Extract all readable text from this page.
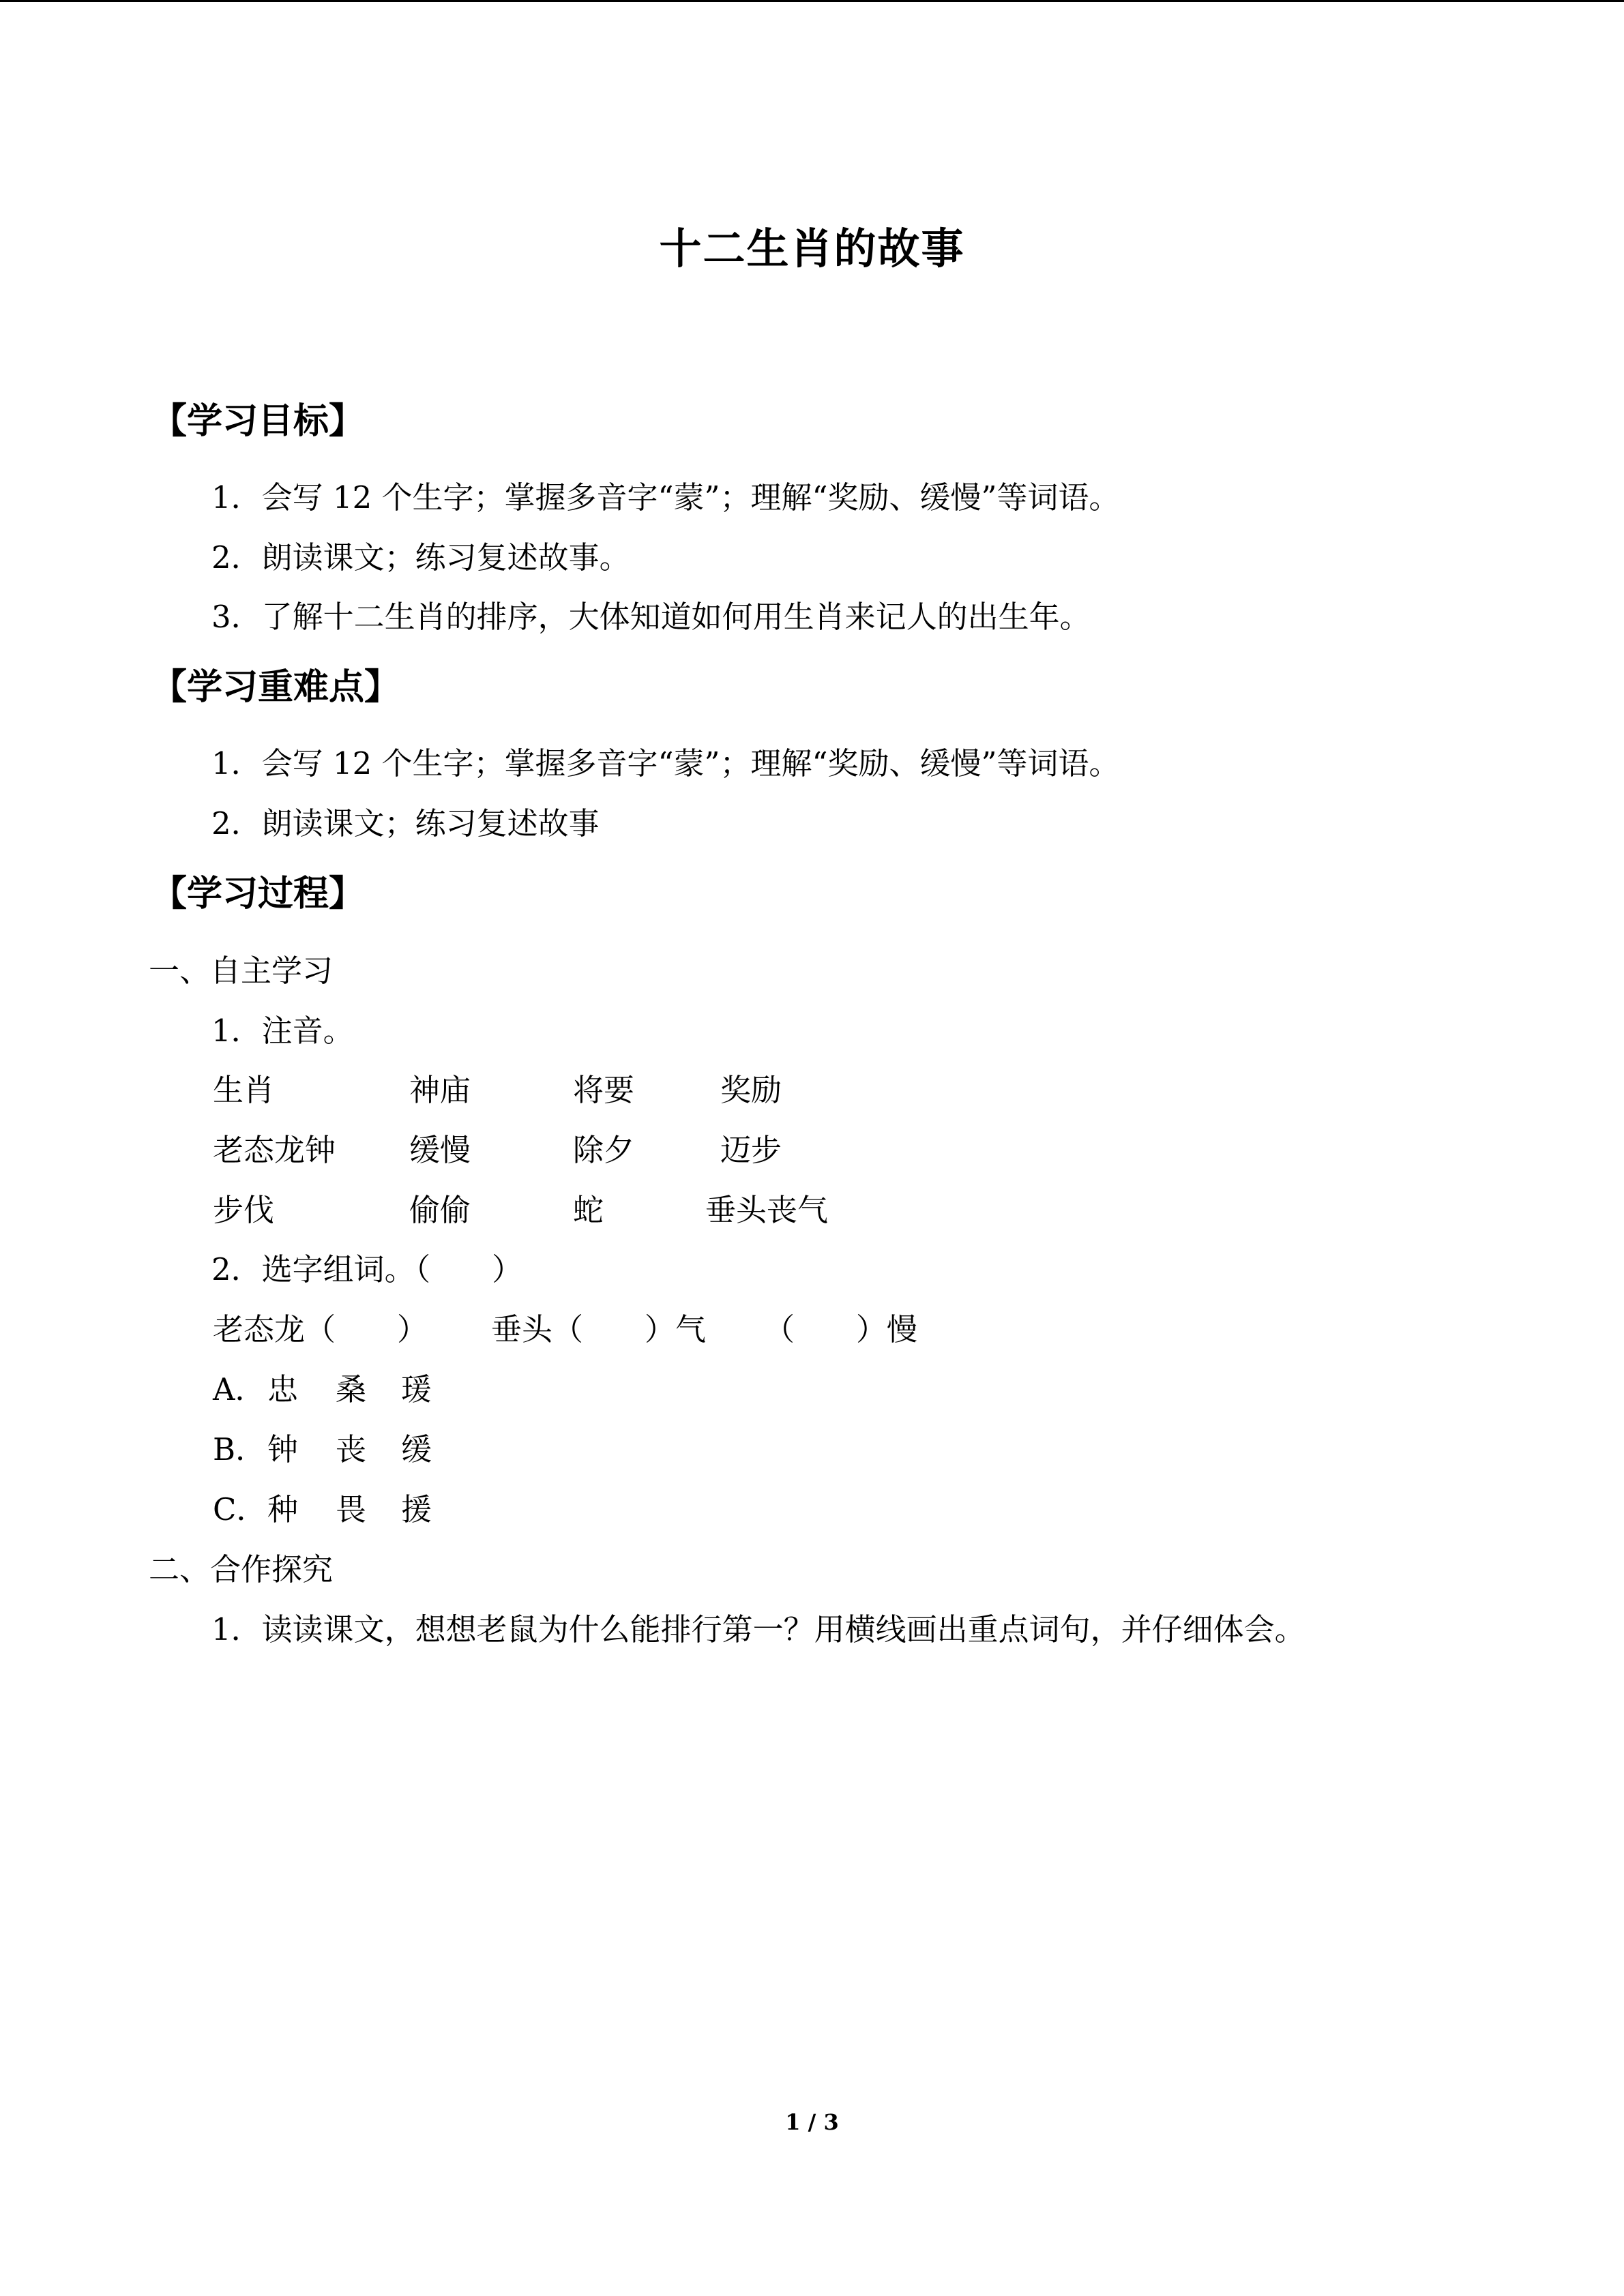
十二生肖的故事
【学习目标】
1．会写 12 个生字；掌握多音字“蒙”；理解“奖励、缓慢”等词语。
2．朗读课文；练习复述故事。
3．了解十二生肖的排序，大体知道如何用生肖来记人的出生年。
【学习重难点】
1．会写 12 个生字；掌握多音字“蒙”；理解“奖励、缓慢”等词语。
2．朗读课文；练习复述故事
【学习过程】
一、自主学习
1．注音。
生肖	神庙	将要	奖励
老态龙钟 缓慢	除夕	迈步
步伐	偷偷	蛇	垂头丧气
2．选字组词。（　　）
老态龙（　　） 垂头（　　）气 （　　）慢
A． 忠 桑 瑗
B． 钟 丧 缓
C． 种 畏 援
二、合作探究
1．读读课文，想想老鼠为什么能排行第一？用横线画出重点词句，并仔细体会。
1 / 3
